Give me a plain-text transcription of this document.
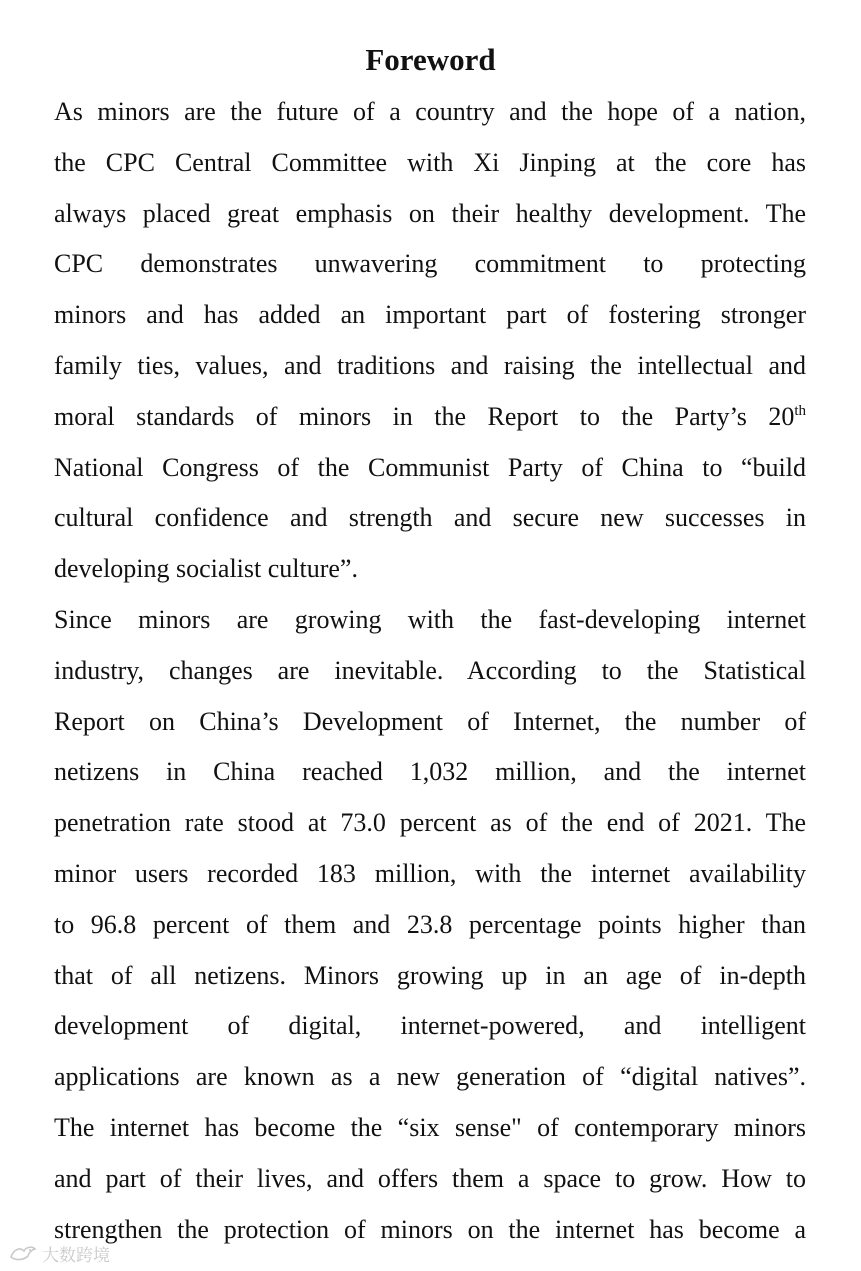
Foreword
As minors are the future of a country and the hope of a nation,
the CPC Central Committee with Xi Jinping at the core has
always placed great emphasis on their healthy development. The
CPC demonstrates unwavering commitment to protecting
minors and has added an important part of fostering stronger
family ties, values, and traditions and raising the intellectual and
moral standards of minors in the Report to the Party’s 20th
National Congress of the Communist Party of China to “build
cultural confidence and strength and secure new successes in
developing socialist culture”.
Since minors are growing with the fast-developing internet
industry, changes are inevitable. According to the Statistical
Report on China’s Development of Internet, the number of
netizens in China reached 1,032 million, and the internet
penetration rate stood at 73.0 percent as of the end of 2021. The
minor users recorded 183 million, with the internet availability
to 96.8 percent of them and 23.8 percentage points higher than
that of all netizens. Minors growing up in an age of in-depth
development of digital, internet-powered, and intelligent
applications are known as a new generation of “digital natives”.
The internet has become the “six sense" of contemporary minors
and part of their lives, and offers them a space to grow. How to
strengthen the protection of minors on the internet has become a
大数跨境
